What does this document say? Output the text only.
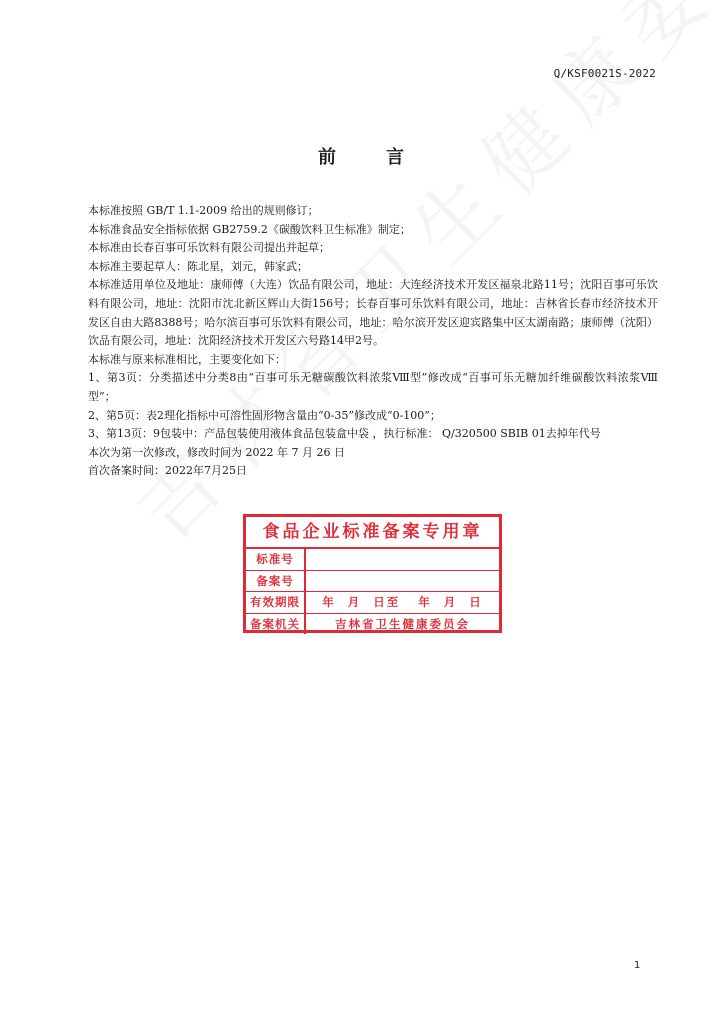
Q/KSF0021S-2022
前	言

本标准按照 GB/T 1.1-2009 给出的规则修订；

本标准食品安全指标依据 GB2759.2《碳酸饮料卫生标准》制定；

本标准由长春百事可乐饮料有限公司提出并起草；

本标准主要起草人：陈北星，刘元，韩家武；

本标准适用单位及地址：康师傅（大连）饮品有限公司，地址：大连经济技术开发区福泉北路11号；沈阳百事可乐饮料有限公司，地址：沈阳市沈北新区辉山大街156号；长春百事可乐饮料有限公司，地址：吉林省长春市经济技术开发区自由大路8388号；哈尔滨百事可乐饮料有限公司，地址：哈尔滨开发区迎宾路集中区太湖南路；康师傅（沈阳）饮品有限公司，地址：沈阳经济技术开发区六号路14甲2号。

本标准与原来标准相比，主要变化如下：

1、第3页：分类描述中分类8由“百事可乐无糖碳酸饮料浓浆Ⅷ型”修改成“百事可乐无糖加纤维碳酸饮料浓浆Ⅷ型”；

2、第5页：表2理化指标中可溶性固形物含量由“0-35”修改成“0-100”；

3、第13页：9包装中：产品包装使用液体食品包装盒中袋 ，执行标准： Q/320500 SBIB 01去掉年代号

本次为第一次修改，修改时间为 2022 年 7 月 26 日

首次备案时间：2022年7月25日

食品企业标准备案专用章
标准号
备案号
有效期限	年  月  日至   年  月  日
备案机关	吉林省卫生健康委员会
1
